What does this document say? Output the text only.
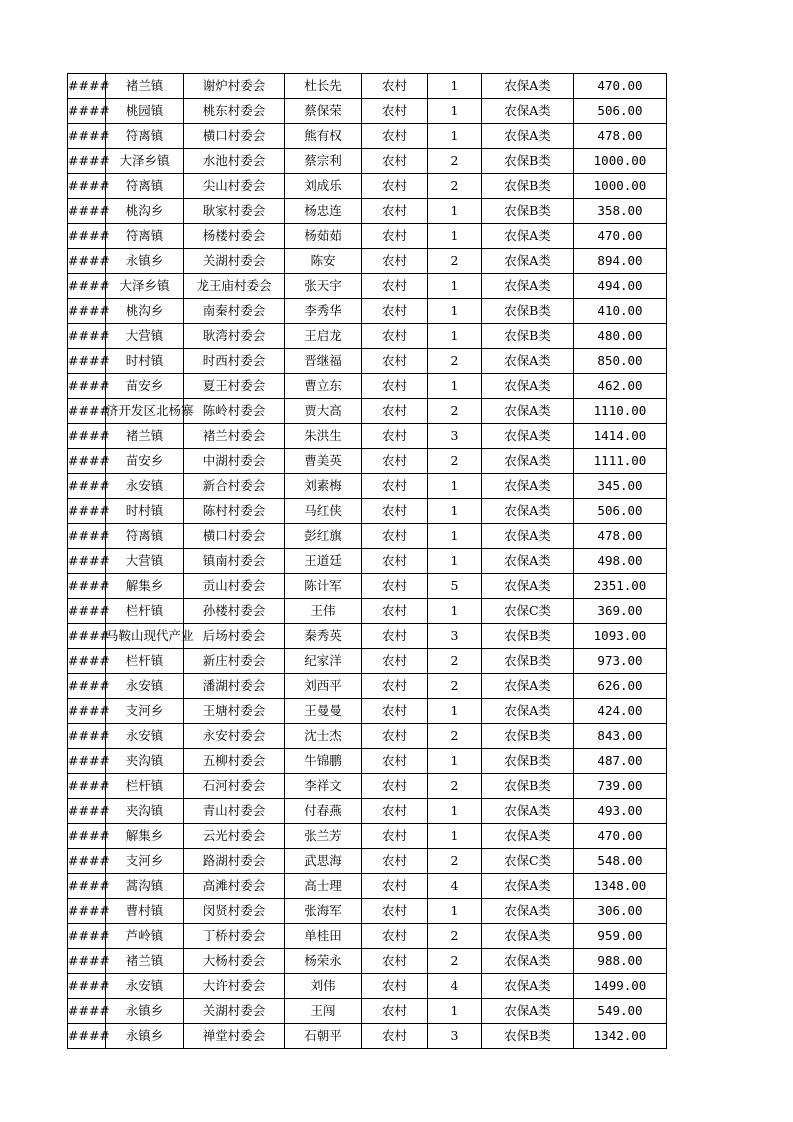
####	褚兰镇	谢炉村委会	杜长先	农村	1	农保A类	470.00
####	桃园镇	桃东村委会	蔡保荣	农村	1	农保A类	506.00
####	符离镇	横口村委会	熊有权	农村	1	农保A类	478.00
####	大泽乡镇	水池村委会	蔡宗利	农村	2	农保B类	1000.00
####	符离镇	尖山村委会	刘成乐	农村	2	农保B类	1000.00
####	桃沟乡	耿家村委会	杨忠连	农村	1	农保B类	358.00
####	符离镇	杨楼村委会	杨茹茹	农村	1	农保A类	470.00
####	永镇乡	关湖村委会	陈安	农村	2	农保A类	894.00
####	大泽乡镇	龙王庙村委会	张天宇	农村	1	农保A类	494.00
####	桃沟乡	南秦村委会	李秀华	农村	1	农保B类	410.00
####	大营镇	耿湾村委会	王启龙	农村	1	农保B类	480.00
####	时村镇	时西村委会	晋继福	农村	2	农保A类	850.00
####	苗安乡	夏王村委会	曹立东	农村	1	农保A类	462.00
####	济开发区北杨寨	陈岭村委会	贾大高	农村	2	农保A类	1110.00
####	褚兰镇	褚兰村委会	朱洪生	农村	3	农保A类	1414.00
####	苗安乡	中湖村委会	曹美英	农村	2	农保A类	1111.00
####	永安镇	新合村委会	刘素梅	农村	1	农保A类	345.00
####	时村镇	陈村村委会	马红侠	农村	1	农保A类	506.00
####	符离镇	横口村委会	彭红旗	农村	1	农保A类	478.00
####	大营镇	镇南村委会	王道廷	农村	1	农保A类	498.00
####	解集乡	贡山村委会	陈计军	农村	5	农保A类	2351.00
####	栏杆镇	孙楼村委会	王伟	农村	1	农保C类	369.00
####	马鞍山现代产业	后场村委会	秦秀英	农村	3	农保B类	1093.00
####	栏杆镇	新庄村委会	纪家洋	农村	2	农保B类	973.00
####	永安镇	潘湖村委会	刘西平	农村	2	农保A类	626.00
####	支河乡	王塘村委会	王曼曼	农村	1	农保A类	424.00
####	永安镇	永安村委会	沈士杰	农村	2	农保B类	843.00
####	夹沟镇	五柳村委会	牛锦鹏	农村	1	农保B类	487.00
####	栏杆镇	石河村委会	李祥文	农村	2	农保B类	739.00
####	夹沟镇	青山村委会	付春燕	农村	1	农保A类	493.00
####	解集乡	云光村委会	张兰芳	农村	1	农保A类	470.00
####	支河乡	路湖村委会	武思海	农村	2	农保C类	548.00
####	蒿沟镇	高滩村委会	高士理	农村	4	农保A类	1348.00
####	曹村镇	闵贤村委会	张海军	农村	1	农保A类	306.00
####	芦岭镇	丁桥村委会	单桂田	农村	2	农保A类	959.00
####	褚兰镇	大杨村委会	杨荣永	农村	2	农保A类	988.00
####	永安镇	大许村委会	刘伟	农村	4	农保A类	1499.00
####	永镇乡	关湖村委会	王闯	农村	1	农保A类	549.00
####	永镇乡	禅堂村委会	石朝平	农村	3	农保B类	1342.00
